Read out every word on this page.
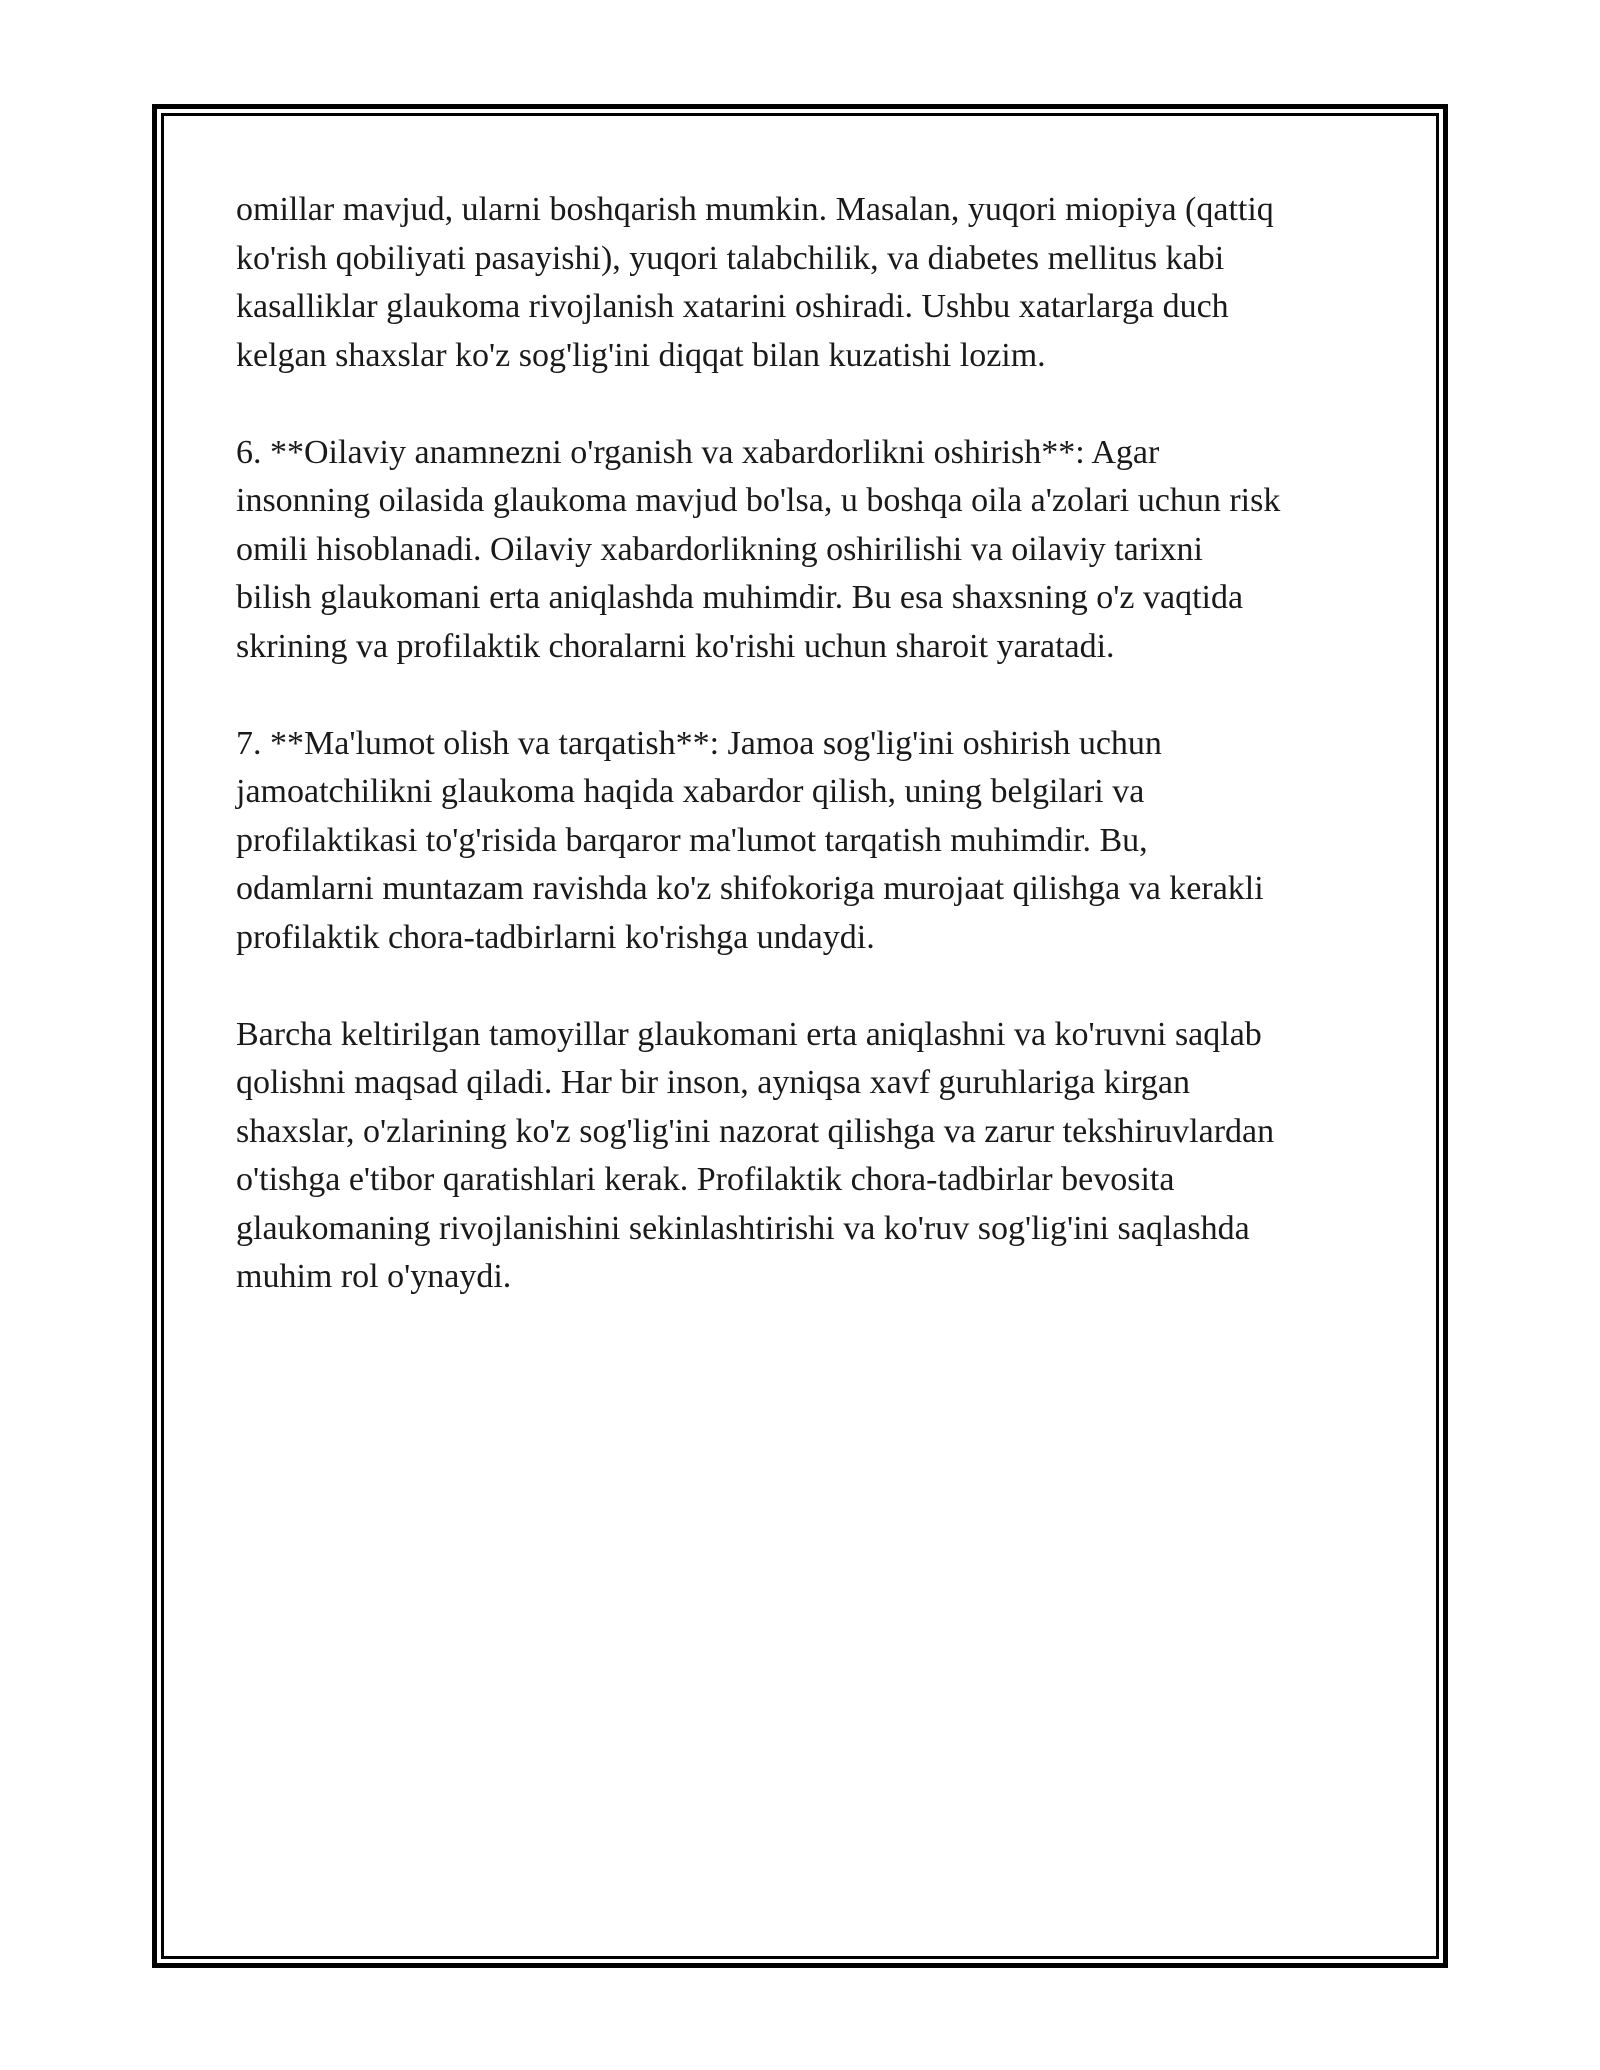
omillar mavjud, ularni boshqarish mumkin. Masalan, yuqori miopiya (qattiq
ko'rish qobiliyati pasayishi), yuqori talabchilik, va diabetes mellitus kabi
kasalliklar glaukoma rivojlanish xatarini oshiradi. Ushbu xatarlarga duch
kelgan shaxslar ko'z sog'lig'ini diqqat bilan kuzatishi lozim.

6. **Oilaviy anamnezni o'rganish va xabardorlikni oshirish**: Agar
insonning oilasida glaukoma mavjud bo'lsa, u boshqa oila a'zolari uchun risk
omili hisoblanadi. Oilaviy xabardorlikning oshirilishi va oilaviy tarixni
bilish glaukomani erta aniqlashda muhimdir. Bu esa shaxsning o'z vaqtida
skrining va profilaktik choralarni ko'rishi uchun sharoit yaratadi.

7. **Ma'lumot olish va tarqatish**: Jamoa sog'lig'ini oshirish uchun
jamoatchilikni glaukoma haqida xabardor qilish, uning belgilari va
profilaktikasi to'g'risida barqaror ma'lumot tarqatish muhimdir. Bu,
odamlarni muntazam ravishda ko'z shifokoriga murojaat qilishga va kerakli
profilaktik chora-tadbirlarni ko'rishga undaydi.

Barcha keltirilgan tamoyillar glaukomani erta aniqlashni va ko'ruvni saqlab
qolishni maqsad qiladi. Har bir inson, ayniqsa xavf guruhlariga kirgan
shaxslar, o'zlarining ko'z sog'lig'ini nazorat qilishga va zarur tekshiruvlardan
o'tishga e'tibor qaratishlari kerak. Profilaktik chora-tadbirlar bevosita
glaukomaning rivojlanishini sekinlashtirishi va ko'ruv sog'lig'ini saqlashda
muhim rol o'ynaydi.
